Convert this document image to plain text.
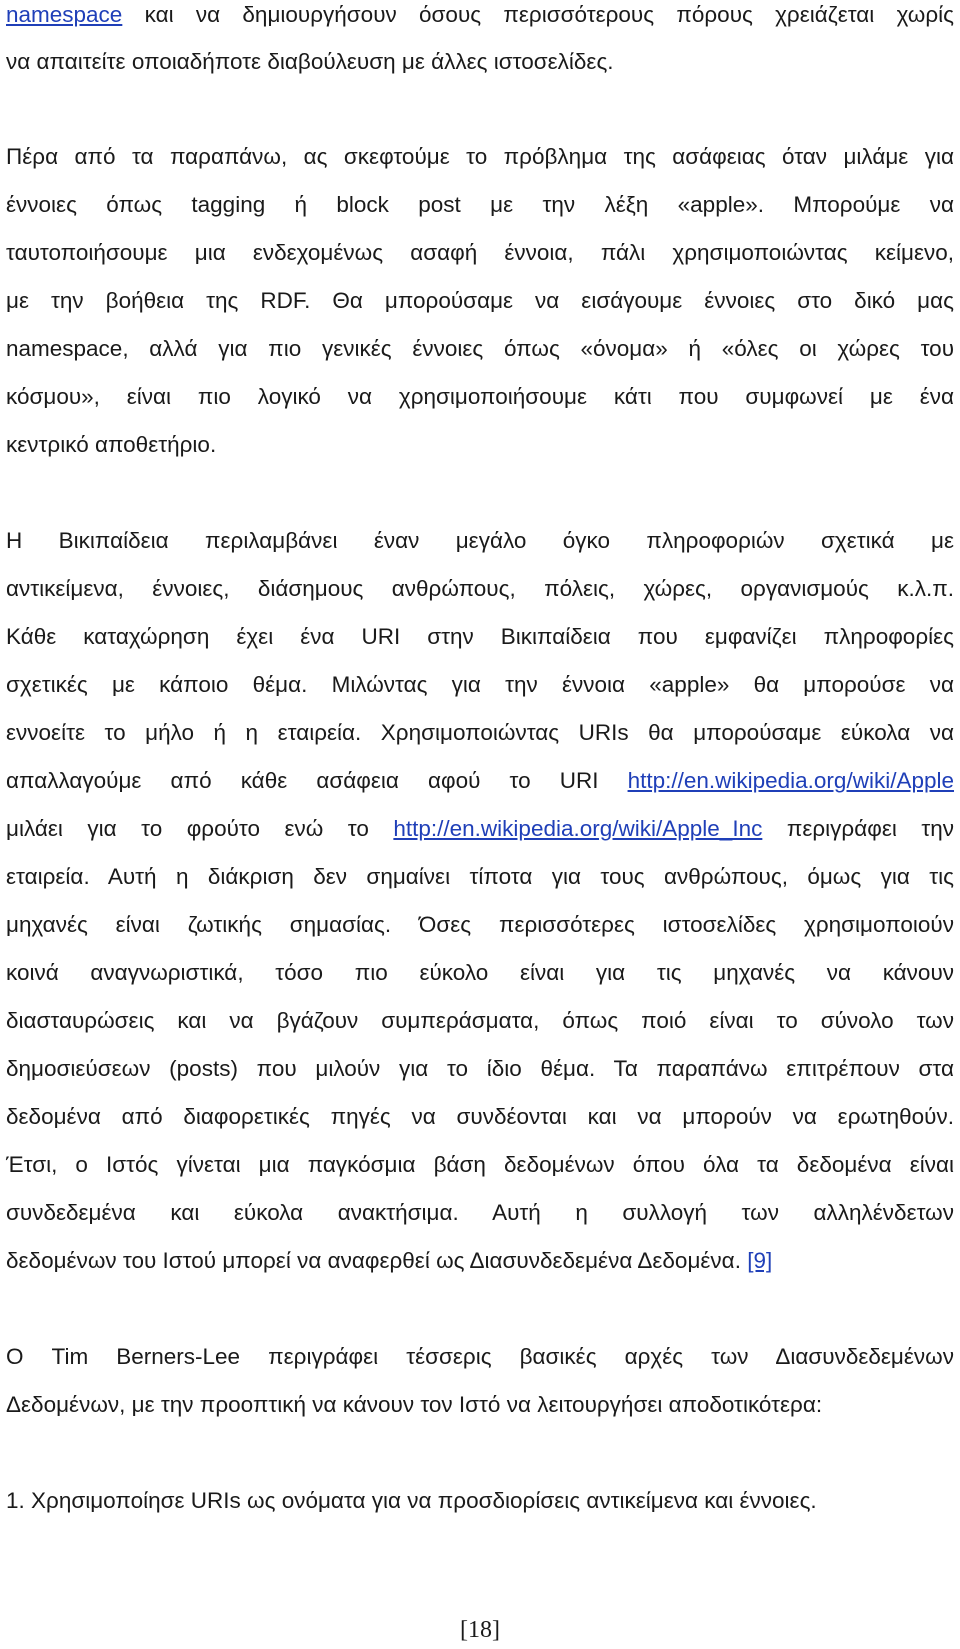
namespace και να δημιουργήσουν όσους περισσότερους πόρους χρειάζεται χωρίς
να απαιτείτε οποιαδήποτε διαβούλευση με άλλες ιστοσελίδες.
Πέρα από τα παραπάνω, ας σκεφτούμε το πρόβλημα της ασάφειας όταν μιλάμε για
έννοιες όπως tagging ή block post με την λέξη «apple». Μπορούμε να
ταυτοποιήσουμε μια ενδεχομένως ασαφή έννοια, πάλι χρησιμοποιώντας κείμενο,
με την βοήθεια της RDF. Θα μπορούσαμε να εισάγουμε έννοιες στο δικό μας
namespace, αλλά για πιο γενικές έννοιες όπως «όνομα» ή «όλες οι χώρες του
κόσμου», είναι πιο λογικό να χρησιμοποιήσουμε κάτι που συμφωνεί με ένα
κεντρικό αποθετήριο.
Η Βικιπαίδεια περιλαμβάνει έναν μεγάλο όγκο πληροφοριών σχετικά με
αντικείμενα, έννοιες, διάσημους ανθρώπους, πόλεις, χώρες, οργανισμούς κ.λ.π.
Κάθε καταχώρηση έχει ένα URI στην Βικιπαίδεια που εμφανίζει πληροφορίες
σχετικές με κάποιο θέμα. Μιλώντας για την έννοια «apple» θα μπορούσε να
εννοείτε το μήλο ή η εταιρεία. Χρησιμοποιώντας URIs θα μπορούσαμε εύκολα να
απαλλαγούμε από κάθε ασάφεια αφού το URI http://en.wikipedia.org/wiki/Apple
μιλάει για το φρούτο ενώ το http://en.wikipedia.org/wiki/Apple_Inc περιγράφει την
εταιρεία. Αυτή η διάκριση δεν σημαίνει τίποτα για τους ανθρώπους, όμως για τις
μηχανές είναι ζωτικής σημασίας. Όσες περισσότερες ιστοσελίδες χρησιμοποιούν
κοινά αναγνωριστικά, τόσο πιο εύκολο είναι για τις μηχανές να κάνουν
διασταυρώσεις και να βγάζουν συμπεράσματα, όπως ποιό είναι το σύνολο των
δημοσιεύσεων (posts) που μιλούν για το ίδιο θέμα. Τα παραπάνω επιτρέπουν στα
δεδομένα από διαφορετικές πηγές να συνδέονται και να μπορούν να ερωτηθούν.
Έτσι, ο Ιστός γίνεται μια παγκόσμια βάση δεδομένων όπου όλα τα δεδομένα είναι
συνδεδεμένα και εύκολα ανακτήσιμα. Αυτή η συλλογή των αλληλένδετων
δεδομένων του Ιστού μπορεί να αναφερθεί ως Διασυνδεδεμένα Δεδομένα. [9]
Ο Tim Berners-Lee περιγράφει τέσσερις βασικές αρχές των Διασυνδεδεμένων
Δεδομένων, με την προοπτική να κάνουν τον Ιστό να λειτουργήσει αποδοτικότερα:
1. Χρησιμοποίησε URIs ως ονόματα για να προσδιορίσεις αντικείμενα και έννοιες.
[18]
